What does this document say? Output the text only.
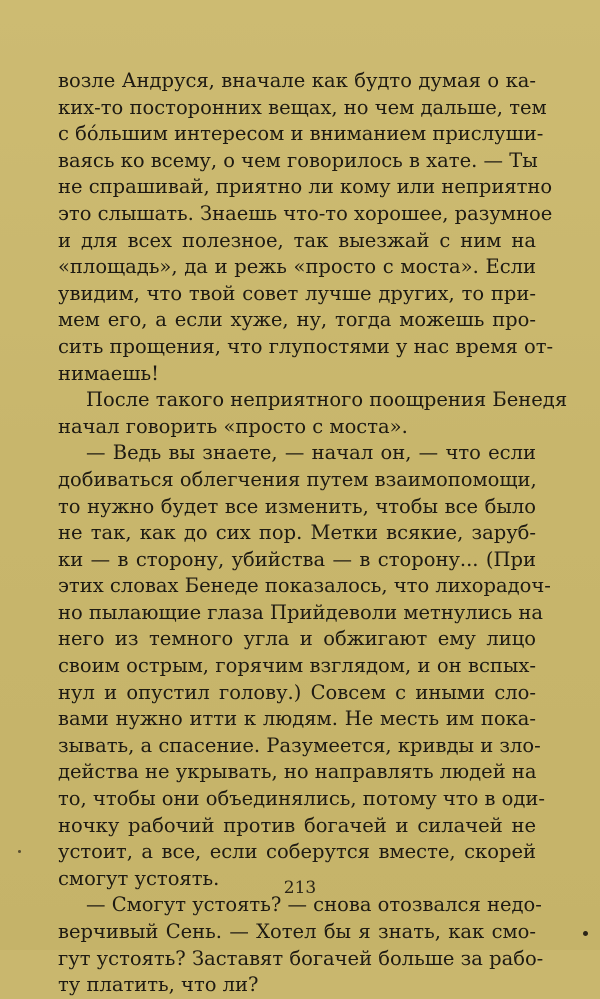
возле Андруся, вначале как будто думая о ка-
ких-то посторонних вещах, но чем дальше, тем
с бо́льшим интересом и вниманием прислуши-
ваясь ко всему, о чем говорилось в хате. — Ты
не спрашивай, приятно ли кому или неприятно
это слышать. Знаешь что-то хорошее, разумное
и для всех полезное, так выезжай с ним на
«площадь», да и режь «просто с моста». Если
увидим, что твой совет лучше других, то при-
мем его, а если хуже, ну, тогда можешь про-
сить прощения, что глупостями у нас время от-
нимаешь!
После такого неприятного поощрения Бенедя
начал говорить «просто с моста».
— Ведь вы знаете, — начал он, — что если
добиваться облегчения путем взаимопомощи,
то нужно будет все изменить, чтобы все было
не так, как до сих пор. Метки всякие, заруб-
ки — в сторону, убийства — в сторону... (При
этих словах Бенеде показалось, что лихорадоч-
но пылающие глаза Прийдеволи метнулись на
него из темного угла и обжигают ему лицо
своим острым, горячим взглядом, и он вспых-
нул и опустил голову.) Совсем с иными сло-
вами нужно итти к людям. Не месть им пока-
зывать, а спасение. Разумеется, кривды и зло-
действа не укрывать, но направлять людей на
то, чтобы они объединялись, потому что в оди-
ночку рабочий против богачей и силачей не
устоит, а все, если соберутся вместе, скорей
смогут устоять.
— Смогут устоять? — снова отозвался недо-
верчивый Сень. — Хотел бы я знать, как смо-
гут устоять? Заставят богачей больше за рабо-
ту платить, что ли?
213
